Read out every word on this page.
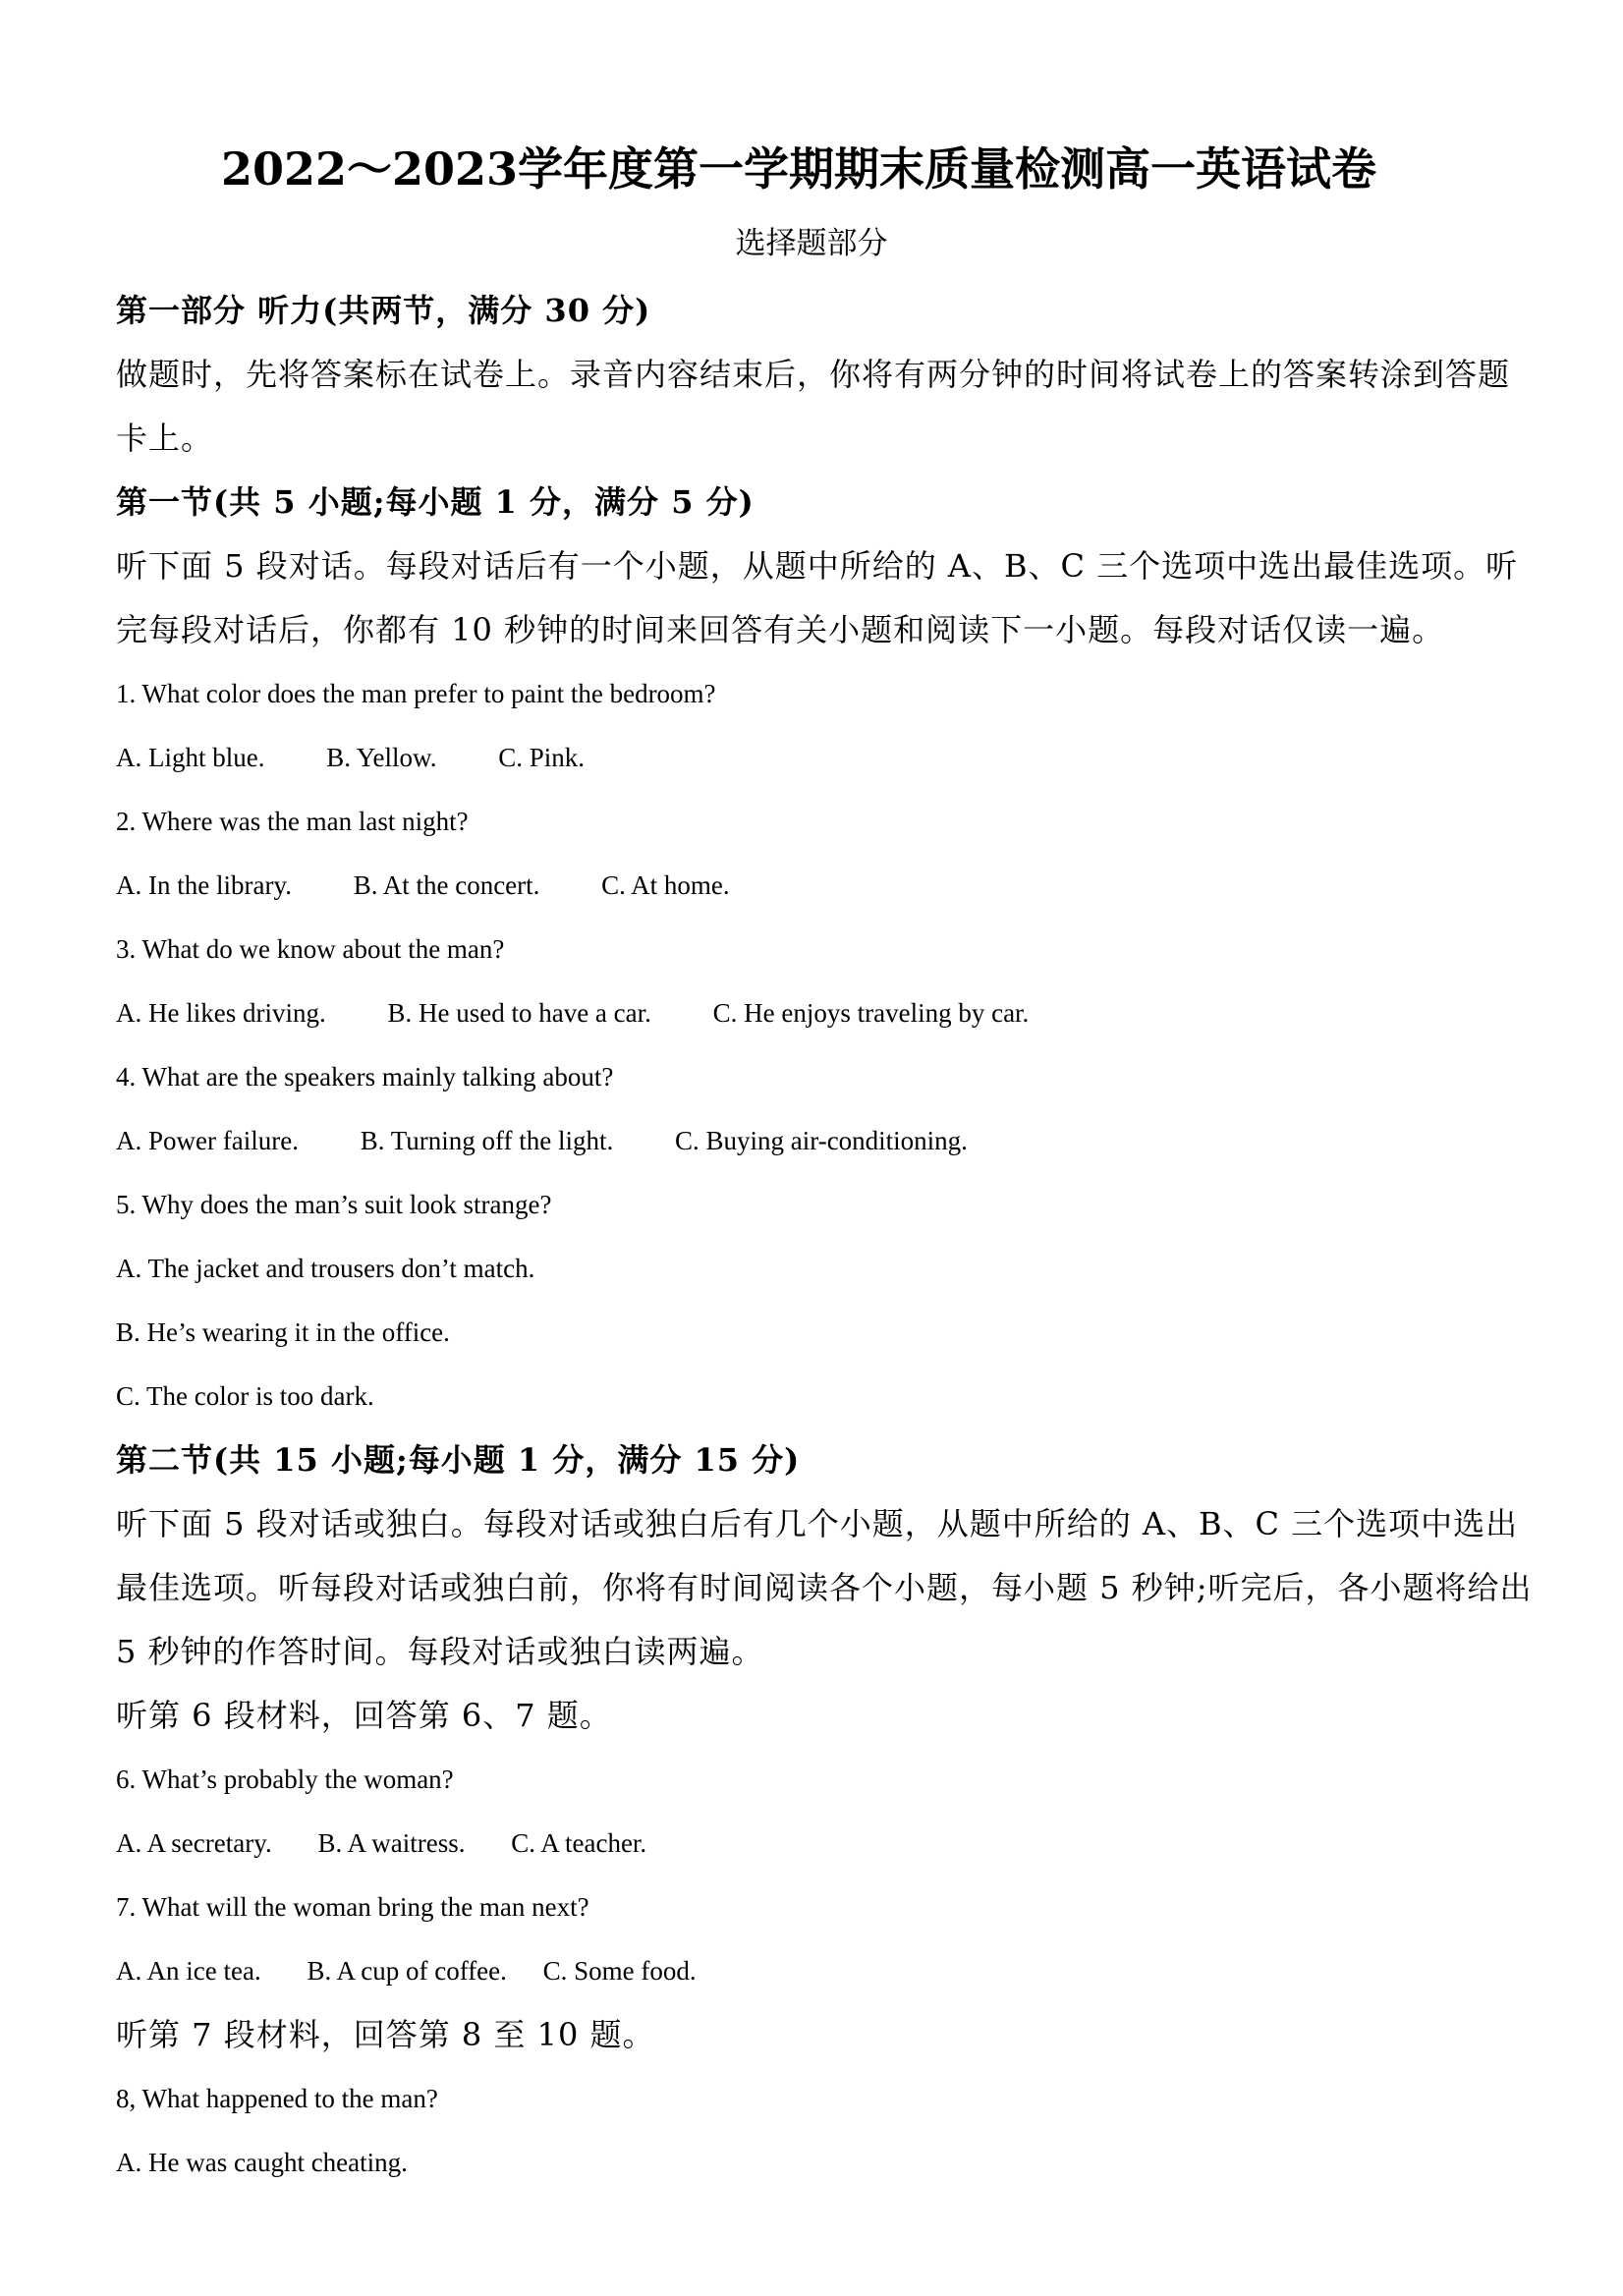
2022～2023学年度第一学期期末质量检测高一英语试卷
选择题部分
第一部分 听力(共两节，满分 30 分)
做题时，先将答案标在试卷上。录音内容结束后，你将有两分钟的时间将试卷上的答案转涂到答题
卡上。
第一节(共 5 小题;每小题 1 分，满分 5 分)
听下面 5 段对话。每段对话后有一个小题，从题中所给的 A、B、C 三个选项中选出最佳选项。听
完每段对话后，你都有 10 秒钟的时间来回答有关小题和阅读下一小题。每段对话仅读一遍。
1. What color does the man prefer to paint the bedroom?
A. Light blue. B. Yellow. C. Pink.
2. Where was the man last night?
A. In the library. B. At the concert. C. At home.
3. What do we know about the man?
A. He likes driving. B. He used to have a car. C. He enjoys traveling by car.
4. What are the speakers mainly talking about?
A. Power failure. B. Turning off the light. C. Buying air-conditioning.
5. Why does the man’s suit look strange?
A. The jacket and trousers don’t match.
B. He’s wearing it in the office.
C. The color is too dark.
第二节(共 15 小题;每小题 1 分，满分 15 分)
听下面 5 段对话或独白。每段对话或独白后有几个小题，从题中所给的 A、B、C 三个选项中选出
最佳选项。听每段对话或独白前，你将有时间阅读各个小题，每小题 5 秒钟;听完后，各小题将给出
5 秒钟的作答时间。每段对话或独白读两遍。
听第 6 段材料，回答第 6、7 题。
6. What’s probably the woman?
A. A secretary. B. A waitress. C. A teacher.
7. What will the woman bring the man next?
A. An ice tea. B. A cup of coffee. C. Some food.
听第 7 段材料，回答第 8 至 10 题。
8, What happened to the man?
A. He was caught cheating.
